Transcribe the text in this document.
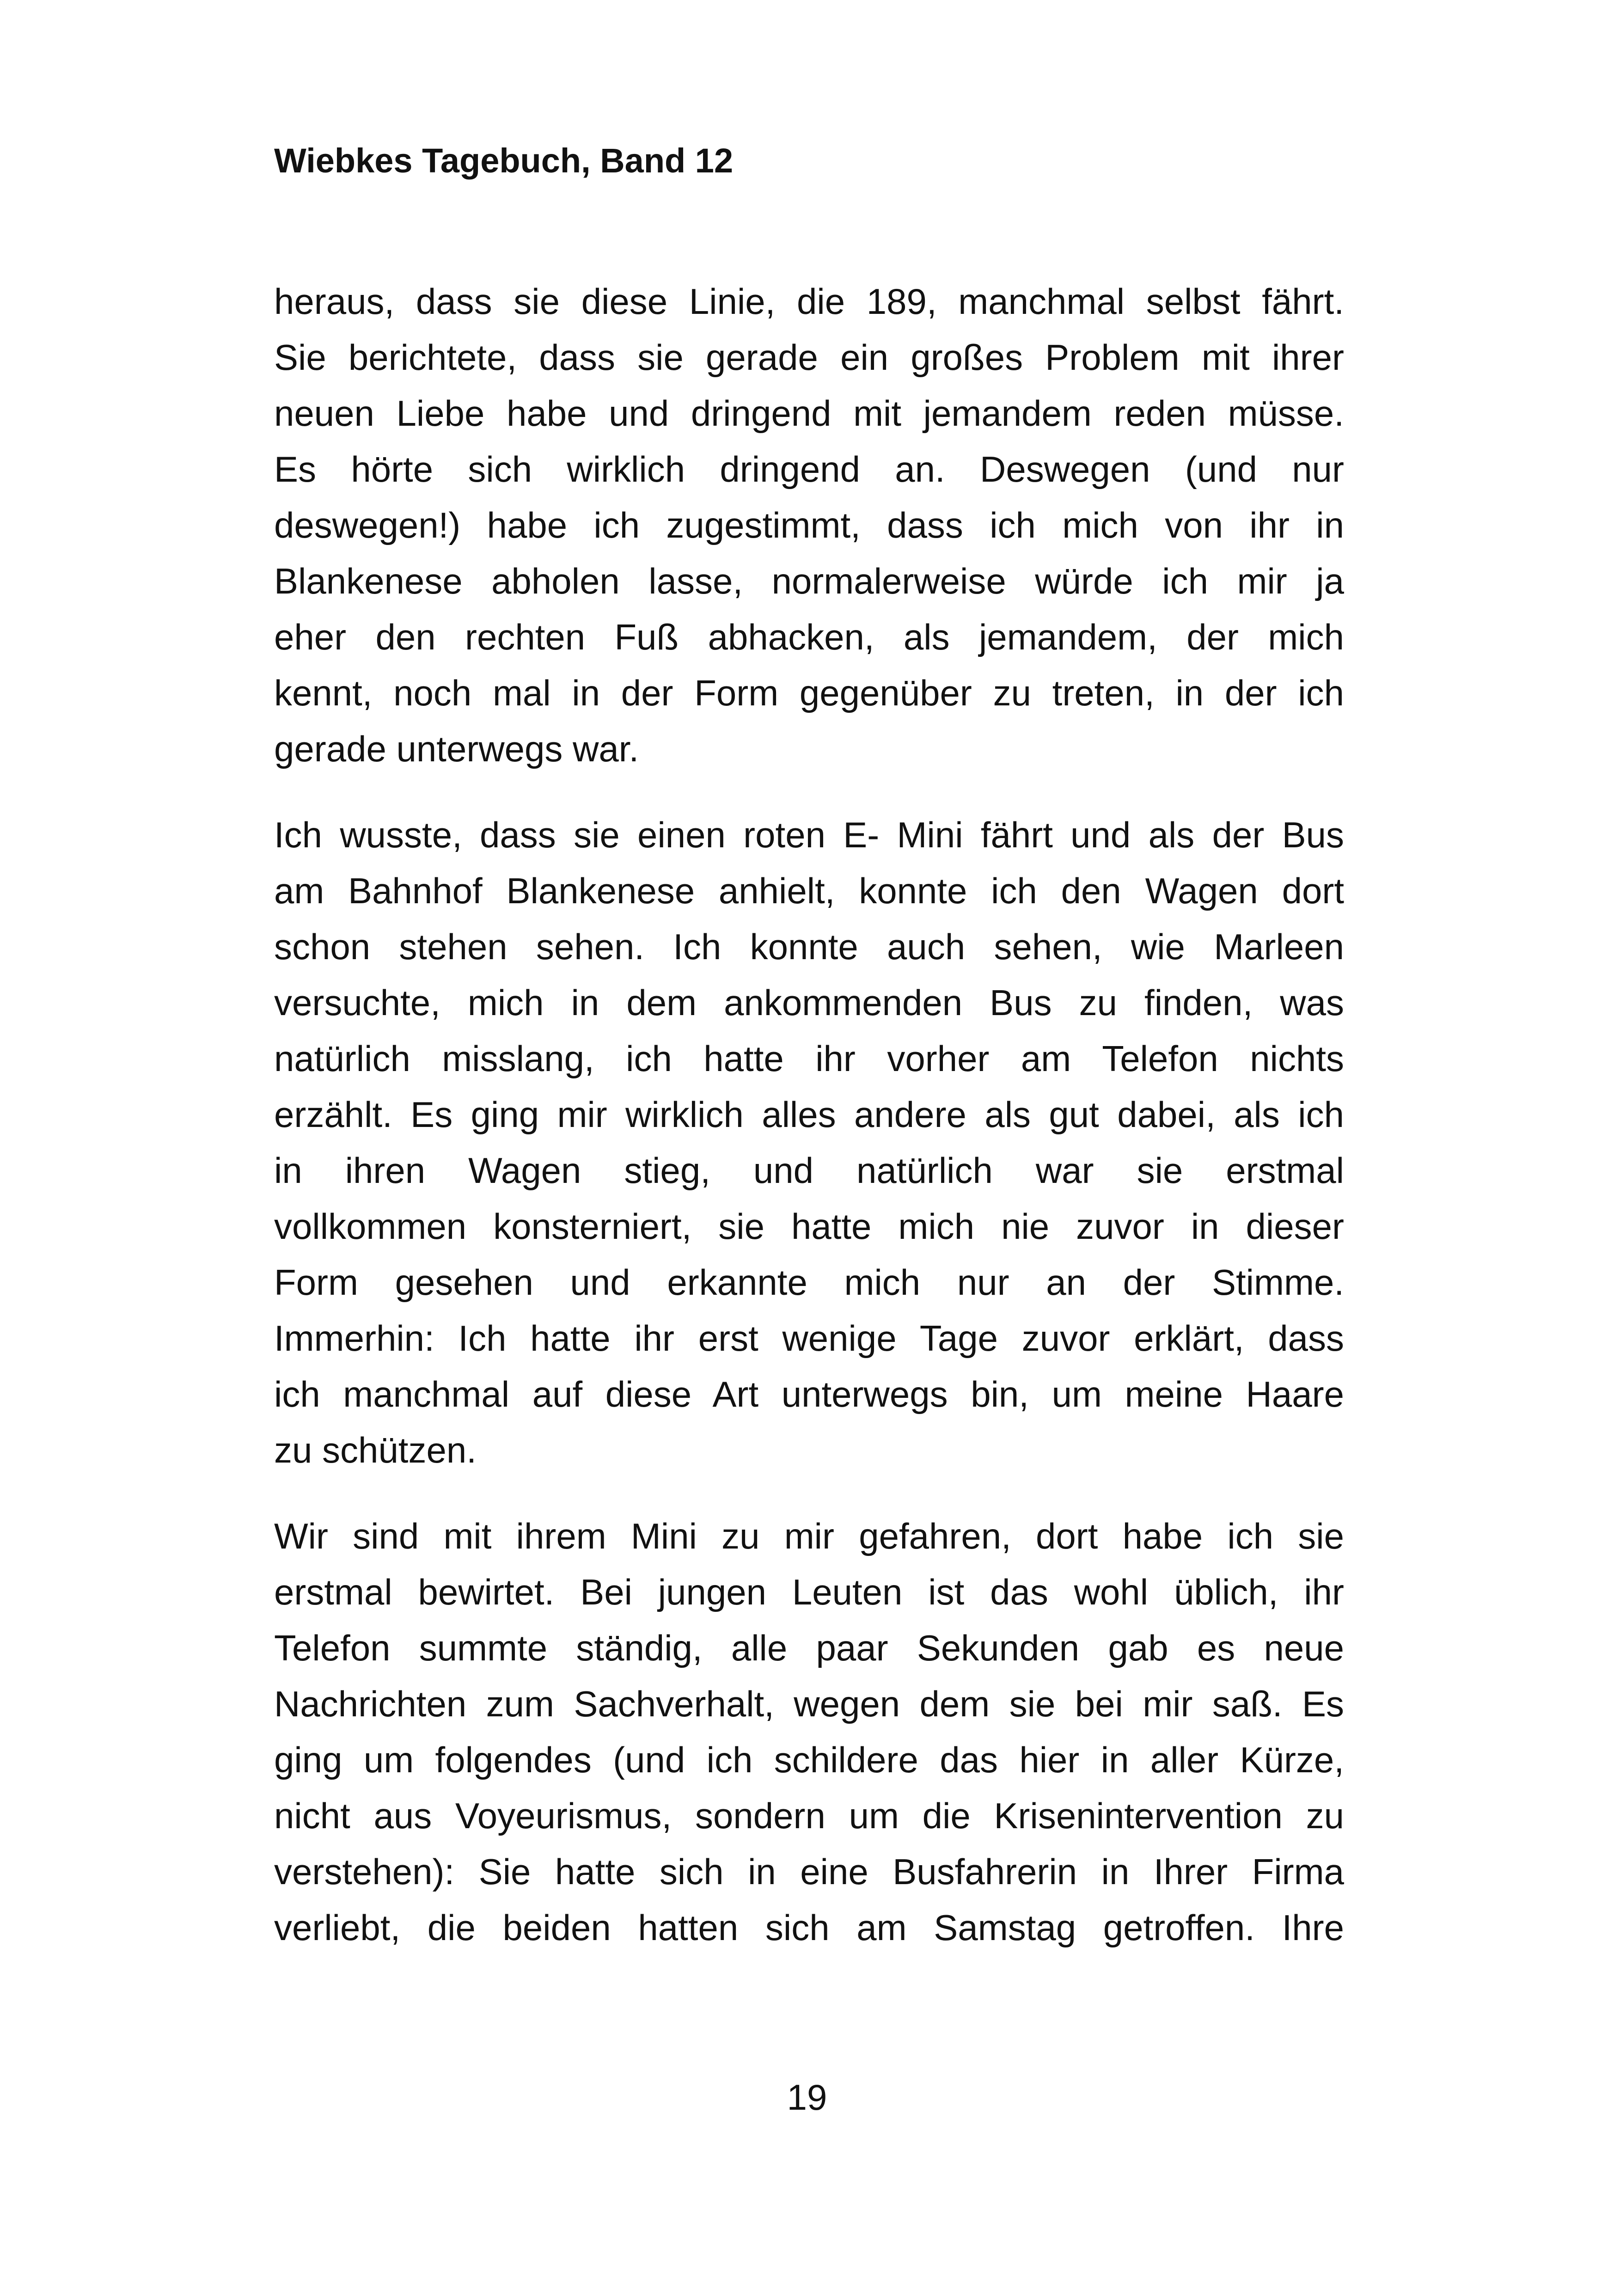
Wiebkes Tagebuch, Band 12

heraus, dass sie diese Linie, die 189, manchmal selbst fährt.
Sie berichtete, dass sie gerade ein großes Problem mit ihrer
neuen Liebe habe und dringend mit jemandem reden müsse.
Es hörte sich wirklich dringend an. Deswegen (und nur
deswegen!) habe ich zugestimmt, dass ich mich von ihr in
Blankenese abholen lasse, normalerweise würde ich mir ja
eher den rechten Fuß abhacken, als jemandem, der mich
kennt, noch mal in der Form gegenüber zu treten, in der ich
gerade unterwegs war.

Ich wusste, dass sie einen roten E- Mini fährt und als der Bus
am Bahnhof Blankenese anhielt, konnte ich den Wagen dort
schon stehen sehen. Ich konnte auch sehen, wie Marleen
versuchte, mich in dem ankommenden Bus zu finden, was
natürlich misslang, ich hatte ihr vorher am Telefon nichts
erzählt. Es ging mir wirklich alles andere als gut dabei, als ich
in ihren Wagen stieg, und natürlich war sie erstmal
vollkommen konsterniert, sie hatte mich nie zuvor in dieser
Form gesehen und erkannte mich nur an der Stimme.
Immerhin: Ich hatte ihr erst wenige Tage zuvor erklärt, dass
ich manchmal auf diese Art unterwegs bin, um meine Haare
zu schützen.

Wir sind mit ihrem Mini zu mir gefahren, dort habe ich sie
erstmal bewirtet. Bei jungen Leuten ist das wohl üblich, ihr
Telefon summte ständig, alle paar Sekunden gab es neue
Nachrichten zum Sachverhalt, wegen dem sie bei mir saß. Es
ging um folgendes (und ich schildere das hier in aller Kürze,
nicht aus Voyeurismus, sondern um die Krisenintervention zu
verstehen): Sie hatte sich in eine Busfahrerin in Ihrer Firma
verliebt, die beiden hatten sich am Samstag getroffen. Ihre

19
